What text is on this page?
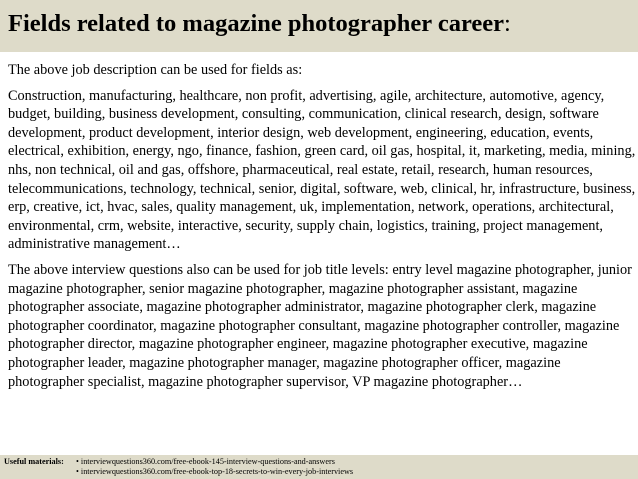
Fields related to magazine photographer career:

The above job description can be used for fields as:

Construction, manufacturing, healthcare, non profit, advertising, agile, architecture, automotive, agency, budget, building, business development, consulting, communication, clinical research, design, software development, product development, interior design, web development, engineering, education, events, electrical, exhibition, energy, ngo, finance, fashion, green card, oil gas, hospital, it, marketing, media, mining, nhs, non technical, oil and gas, offshore, pharmaceutical, real estate, retail, research, human resources, telecommunications, technology, technical, senior, digital, software, web, clinical, hr, infrastructure, business, erp, creative, ict, hvac, sales, quality management, uk, implementation, network, operations, architectural, environmental, crm, website, interactive, security, supply chain, logistics, training, project management, administrative management…

The above interview questions also can be used for job title levels: entry level magazine photographer, junior magazine photographer, senior magazine photographer, magazine photographer assistant, magazine photographer associate, magazine photographer administrator, magazine photographer clerk, magazine photographer coordinator, magazine photographer consultant, magazine photographer controller, magazine photographer director, magazine photographer engineer, magazine photographer executive, magazine photographer leader, magazine photographer manager, magazine photographer officer, magazine photographer specialist, magazine photographer supervisor, VP magazine photographer…

Useful materials: • interviewquestions360.com/free-ebook-145-interview-questions-and-answers
• interviewquestions360.com/free-ebook-top-18-secrets-to-win-every-job-interviews
